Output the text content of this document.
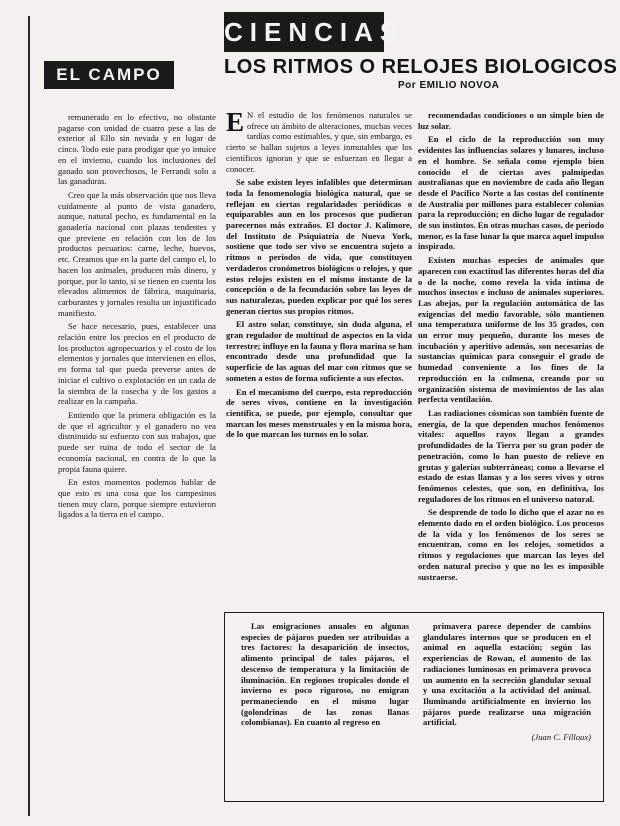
CIENCIAS
EL CAMPO	LOS RITMOS O RELOJES BIOLOGICOS
Por EMILIO NOVOA

remunerado en lo efectivo, no obstante pagarse con unidad de cuatro pese a las de exterior al Ello sin nevada y en lugar de cinco. Todo este para prodigar que yo intuíce en el invierno, cuando los inclusiones del ganado son provechosos, le Ferrandi solo a las ganaduras.

Creo que la más observación que nos lleva cuidamente al punto de vista ganadero, aunque, natural pecho, es fundamental en la ganadería nacional con plazas tendentes y que previene en relación con los de los productos pecuarios: carne, leche, huevos, etc. Creamos que en la parte del campo el, lo hacen los animales, producen más dinero, y porque, por lo tanto, si se tienen en cuenta los elevados alimentos de fábrica, maquinaria, carburantes y jornales resulta un injustificado manifiesto.

Se hace necesario, pues, establecer una relación entre los precios en el producto de los productos agropecuarios y el costo de los elementos y jornales que intervienen en ellos, en forma tal que pueda preverse antes de iniciar el cultivo o explotación en un cada de la siembra de la cosecha y de los gastos a realizar en la campaña.

Entiendo que la primera obligación es la de que el agricultor y el ganadero no vea disminuido su esfuerzo con sus trabajos, que puede ser ruina de todo el sector de la economía nacional, en contra de lo que la propia fauna quiere.

En estos momentos podemos hablar de que esto es una cosa que los campesinos tienen muy claro, porque siempre estuvieron ligados a la tierra en el campo.

E N el estudio de los fenómenos naturales se ofrece un ámbito de alteraciones, muchas veces tardías como estimables, y que, sin embargo, es cierto se hallan sujetos a leyes inmutables que los científicos ignoran y que se esfuerzan en llegar a conocer.

Se sabe existen leyes infalibles que determinan toda la fenomenología biológica natural, que se reflejan en ciertas regularidades periódicas o equiparables aun en los procesos que pudieran parecernos más extraños. El doctor J. Kalimore, del Instituto de Psiquiatría de Nueva York, sostiene que todo ser vivo se encuentra sujeto a ritmos o períodos de vida, que constituyen verdaderos cronómetros biológicos o relojes, y que estos relojes existen en el mismo instante de la concepción o de la fecundación sobre las leyes de sus naturalezas, pueden explicar por qué los seres generan ciertos sus propios ritmos.

El astro solar, constituye, sin duda alguna, el gran regulador de multitud de aspectos en la vida terrestre; influye en la fauna y flora marina se han encontrado desde una profundidad que la superficie de las aguas del mar con ritmos que se someten a estos de forma suficiente a sus efectos.

En el mecanismo del cuerpo, esta reproducción de seres vivos, contiene en la investigación científica, se puede, por ejemplo, consultar que marcan los meses menstruales y en la misma hora, de lo que marcan los turnos en lo solar.

recomendadas condiciones o un simple bien de luz solar.

En el ciclo de la reproducción son muy evidentes las influencias solares y lunares, incluso en el hombre. Se señala como ejemplo bien conocido el de ciertas aves palmípedas australianas que en noviembre de cada año llegan desde el Pacífico Norte a las costas del continente de Australia por millones para establecer colonias para la reproducción; en dicho lugar de regulador de sus instintos. En otras muchas casos, de período menor, es la fase lunar la que marca aquel impulso inspirado.

Existen muchas especies de animales que aparecen con exactitud las diferentes horas del día o de la noche, como revela la vida íntima de muchos insectos e incluso de animales superiores. Las abejas, por la regulación automática de las exigencias del medio favorable, sólo mantienen una temperatura uniforme de los 35 grados, con un error muy pequeño, durante los meses de incubación y aperitivo además, son necesarias de sustancias químicas para conseguir el grado de humedad conveniente a los fines de la reproducción en la colmena, creando por su organización sistema de movimientos de las alas perfecta ventilación.

Las radiaciones cósmicas son también fuente de energía, de la que dependen muchos fenómenos vitales: aquellos rayos llegan a grandes profundidades de la Tierra por su gran poder de penetración, como lo han puesto de relieve en grutas y galerías subterráneas; como a llevarse el estado de estas llamas y a los seres vivos y otros fenómenos celestes, que son, en definitiva, los reguladores de los ritmos en el universo natural.

Se desprende de todo lo dicho que el azar no es elemento dado en el orden biológico. Los procesos de la vida y los fenómenos de los seres se encuentran, como en los relojes, sometidos a ritmos y regulaciones que marcan las leyes del orden natural preciso y que no les es imposible sustraerse.

Las emigraciones anuales en algunas especies de pájaros pueden ser atribuidas a tres factores: la desaparición de insectos, alimento principal de tales pájaros, el descenso de temperatura y la limitación de iluminación. En regiones tropicales donde el invierno es poco riguroso, no emigran permaneciendo en el mismo lugar (golondrinas de las zonas llanas colombianas). En cuanto al regreso en

primavera parece depender de cambios glandulares internos que se producen en el animal en aquella estación; según las experiencias de Rowan, el aumento de las radiaciones luminosas en primavera provoca un aumento en la secreción glandular sexual y una excitación a la actividad del animal. Iluminando artificialmente en invierno los pájaros puede realizarse una migración artificial.

(Juan C. Filloux)
